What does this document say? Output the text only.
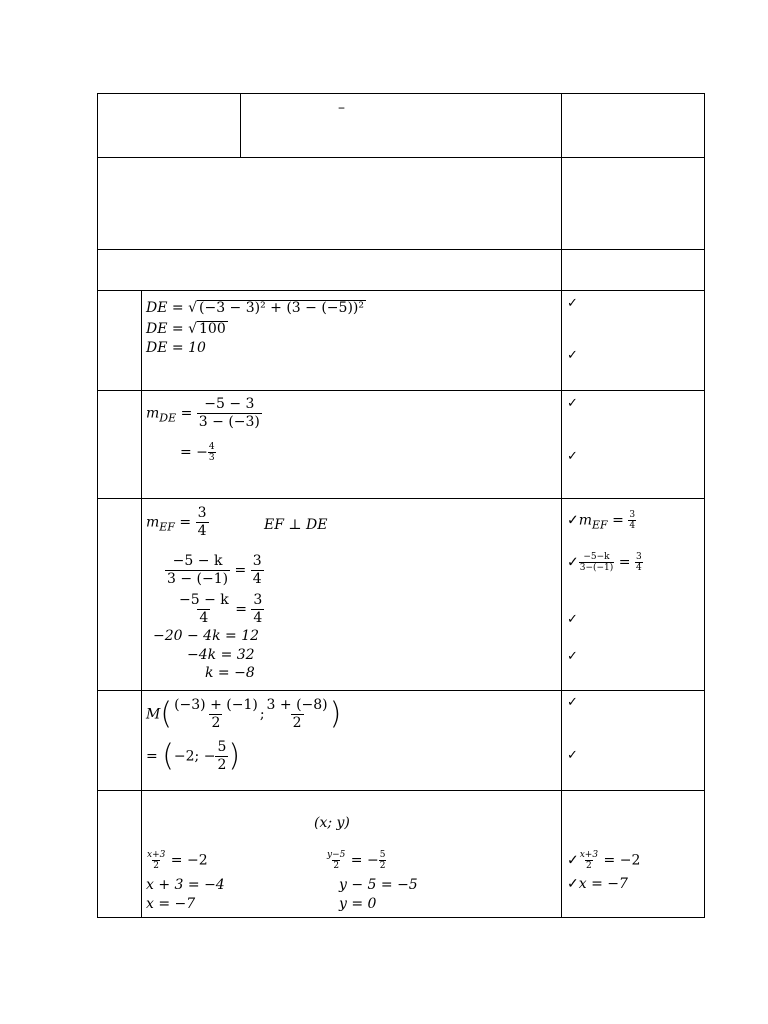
–
DE = √ (−3 − 3)² + (3 − (−5))²
DE = √ 100
DE = 10
✓
✓
$m_{DE} = \frac{-5 - 3}{3 - (-3)}$
= − $\frac{4}{3}$
✓
✓
$m_{EF} = \frac{3}{4}$	EF ⊥ DE
$\frac{-5 - k}{3 - (-1)} = \frac{3}{4}$
$\frac{-5 - k}{4} = \frac{3}{4}$
−20 − 4k = 12
−4k = 32
k = −8
$✓m_{EF} = \frac{3}{4}$
✓ $\frac{-5-k}{3-(-1)} = \frac{3}{4}$
✓
✓
$M( \frac{(-3) + (-1)}{2}$ ; $\frac{3 + (-8)}{2}$ )
= (−2; − $\frac{5}{2}$ )
✓
✓
(x; y)
$\frac{x+3}{2} = -2$
x + 3 = −4
x = −7
$\frac{y-5}{2}$ = − $\frac{5}{2}$
y − 5 = −5
y = 0
✓ $\frac{x+3}{2} = -2$
✓x = −7
